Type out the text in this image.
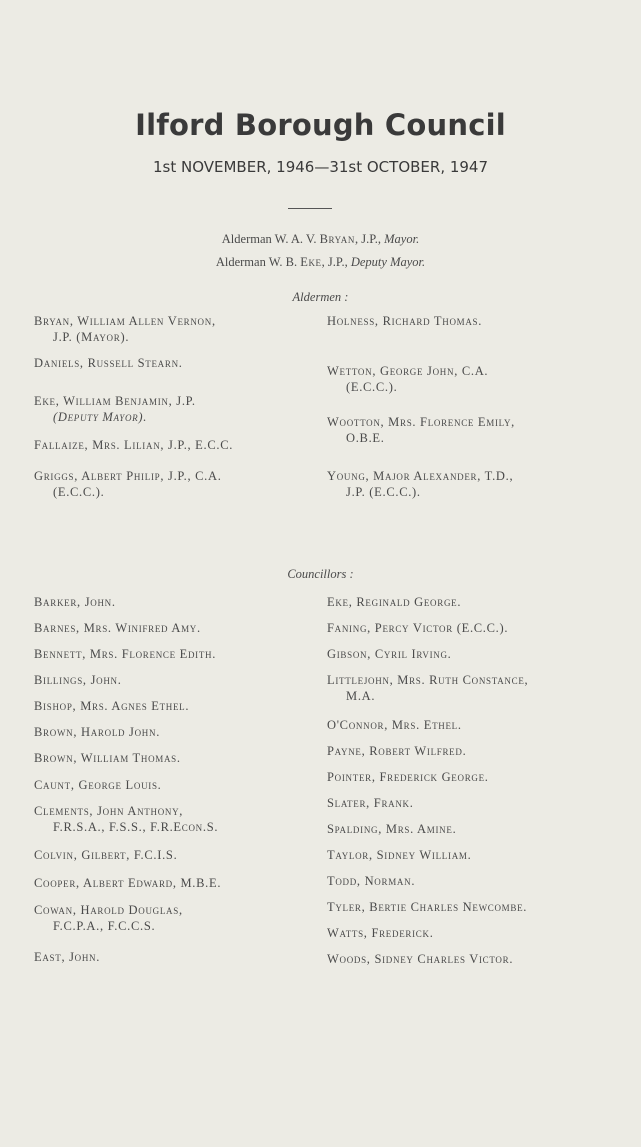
Ilford Borough Council
1st NOVEMBER, 1946—31st OCTOBER, 1947
Alderman W. A. V. Bryan, J.P., Mayor.
Alderman W. B. Eke, J.P., Deputy Mayor.
Aldermen :
Bryan, William Allen Vernon,
J.P. (Mayor).
Daniels, Russell Stearn.
Eke, William Benjamin, J.P.
(Deputy Mayor).
Fallaize, Mrs. Lilian, J.P., E.C.C.
Griggs, Albert Philip, J.P., C.A.
(E.C.C.).
Holness, Richard Thomas.
Wetton, George John, C.A.
(E.C.C.).
Wootton, Mrs. Florence Emily,
O.B.E.
Young, Major Alexander, T.D.,
J.P. (E.C.C.).
Councillors :
Barker, John.
Barnes, Mrs. Winifred Amy.
Bennett, Mrs. Florence Edith.
Billings, John.
Bishop, Mrs. Agnes Ethel.
Brown, Harold John.
Brown, William Thomas.
Caunt, George Louis.
Clements, John Anthony,
F.R.S.A., F.S.S., F.R.Econ.S.
Colvin, Gilbert, F.C.I.S.
Cooper, Albert Edward, M.B.E.
Cowan, Harold Douglas,
F.C.P.A., F.C.C.S.
East, John.
Eke, Reginald George.
Faning, Percy Victor (E.C.C.).
Gibson, Cyril Irving.
Littlejohn, Mrs. Ruth Constance,
M.A.
O'Connor, Mrs. Ethel.
Payne, Robert Wilfred.
Pointer, Frederick George.
Slater, Frank.
Spalding, Mrs. Amine.
Taylor, Sidney William.
Todd, Norman.
Tyler, Bertie Charles Newcombe.
Watts, Frederick.
Woods, Sidney Charles Victor.
